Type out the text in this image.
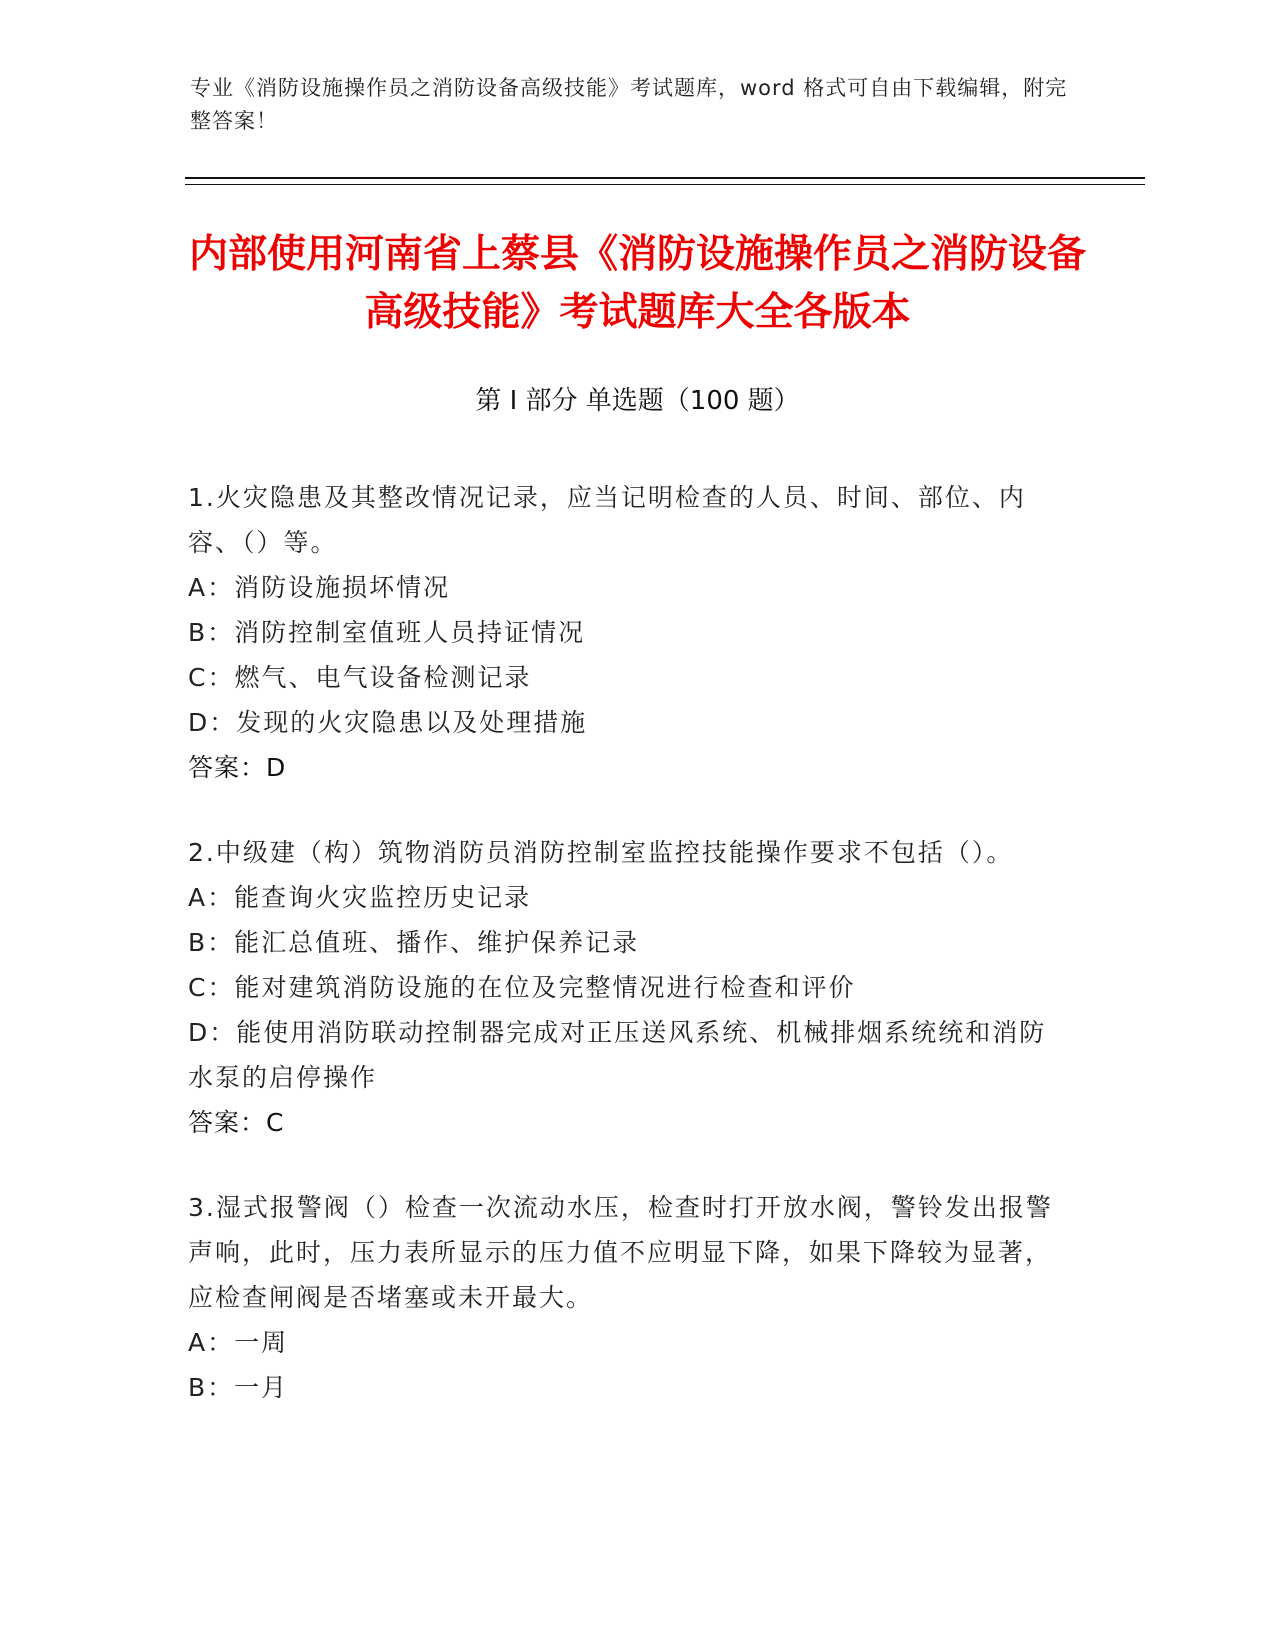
专业《消防设施操作员之消防设备高级技能》考试题库，word 格式可自由下载编辑，附完整答案！
内部使用河南省上蔡县《消防设施操作员之消防设备高级技能》考试题库大全各版本
第 I 部分 单选题（100 题）
1.火灾隐患及其整改情况记录，应当记明检查的人员、时间、部位、内容、（）等。
A：消防设施损坏情况
B：消防控制室值班人员持证情况
C：燃气、电气设备检测记录
D：发现的火灾隐患以及处理措施
答案：D
2.中级建（构）筑物消防员消防控制室监控技能操作要求不包括（）。
A：能查询火灾监控历史记录
B：能汇总值班、播作、维护保养记录
C：能对建筑消防设施的在位及完整情况进行检查和评价
D：能使用消防联动控制器完成对正压送风系统、机械排烟系统统和消防水泵的启停操作
答案：C
3.湿式报警阀（）检查一次流动水压，检查时打开放水阀，警铃发出报警声响，此时，压力表所显示的压力值不应明显下降，如果下降较为显著，应检查闸阀是否堵塞或未开最大。
A：一周
B：一月
